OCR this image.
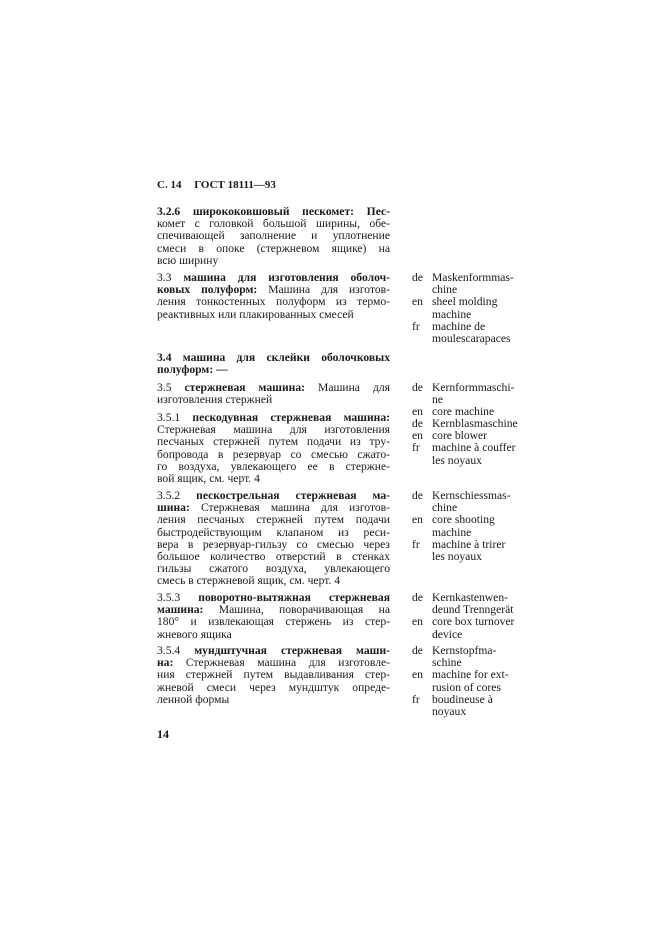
С. 14 ГОСТ 18111—93
3.2.6 ширококовшовый пескомет: Пес-
комет с головкой большой ширины, обе-
спечивающей заполнение и уплотнение
смеси в опоке (стержневом ящике) на
всю ширину
3.3 машина для изготовления оболоч-
ковых полуформ: Машина для изготов-
ления тонкостенных полуформ из термо-
реактивных или плакированных смесей
de Maskenformmas-
chine
en sheel molding
machine
fr	machine de
moulescarapaces
3.4 машина для склейки оболочковых
полуформ: —
3.5 стержневая машина: Машина для
изготовления стержней
de Kernformmaschi-
ne
en core machine
3.5.1 пескодувная стержневая машина:
Стержневая машина для изготовления
песчаных стержней путем подачи из тру-
бопровода в резервуар со смесью сжато-
го воздуха, увлекающего ее в стержне-
вой ящик, см. черт. 4
de Kernblasmaschine
en core blower
fr	machine à couffer
les noyaux
3.5.2 пескострельная стержневая ма-
шина: Стержневая машина для изготов-
ления песчаных стержней путем подачи
быстродействующим клапаном из реси-
вера в резервуар-гильзу со смесью через
большое количество отверстий в стенках
гильзы сжатого воздуха, увлекающего
смесь в стержневой ящик, см. черт. 4
de Kernschiessmas-
chine
en core shooting
machine
fr	machine à trirer
les noyaux
3.5.3 поворотно-вытяжная стержневая
машина: Машина, поворачивающая на
180° и извлекающая стержень из стер-
жневого ящика
de Kernkastenwen-
deund Trenngerät
en core box turnover
device
3.5.4 мундштучная стержневая маши-
на: Стержневая машина для изготовле-
ния стержней путем выдавливания стер-
жневой смеси через мундштук опреде-
ленной формы
de Kernstopfma-
schine
en machine for ext-
rusion of cores
fr	boudineuse à
noyaux
14
